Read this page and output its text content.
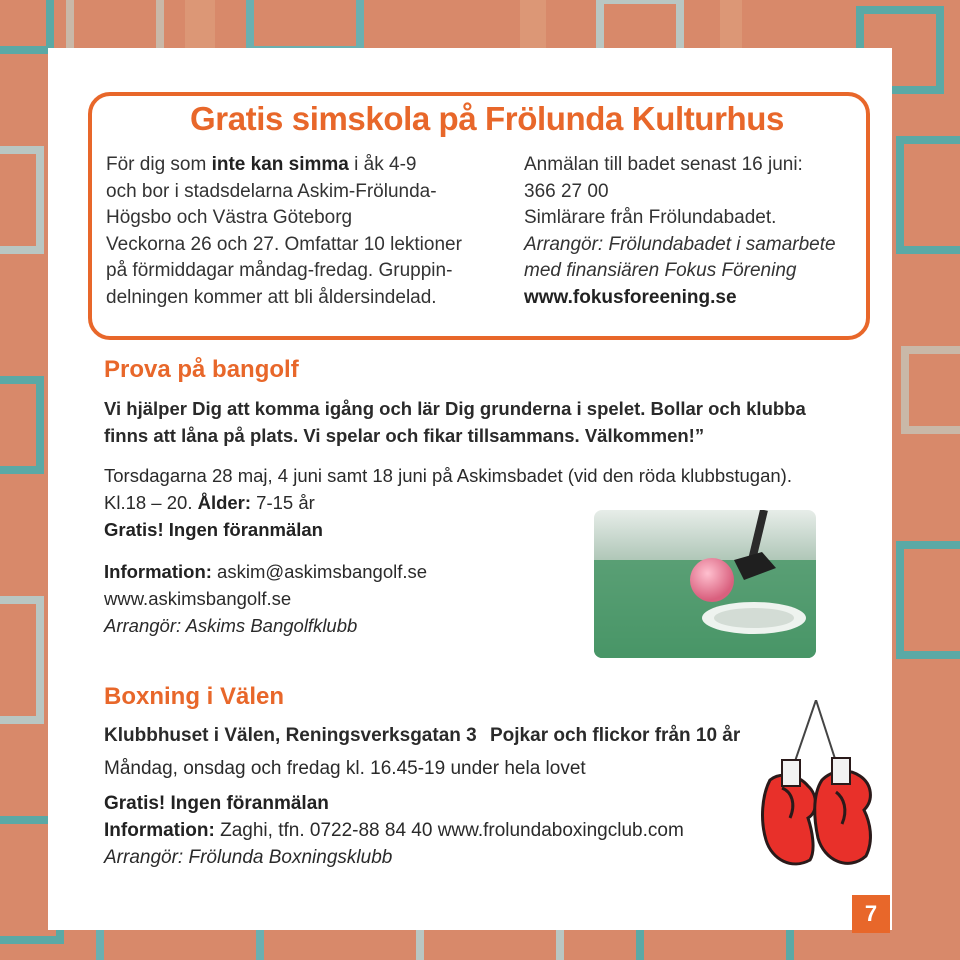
Gratis simskola på Frölunda Kulturhus
För dig som inte kan simma i åk 4-9
och bor i stadsdelarna Askim-Frölunda-
Högsbo och Västra Göteborg
Veckorna 26 och 27. Omfattar 10 lektioner
på förmiddagar måndag-fredag. Gruppin-
delningen kommer att bli åldersindelad.
Anmälan till badet senast 16 juni:
366 27 00
Simlärare från Frölundabadet.
Arrangör: Frölundabadet i samarbete
med finansiären Fokus Förening
www.fokusforeening.se
Prova på bangolf
Vi hjälper Dig att komma igång och lär Dig grunderna i spelet. Bollar och klubba
finns att låna på plats. Vi spelar och fikar tillsammans. Välkommen!”
Torsdagarna 28 maj, 4 juni samt 18 juni på Askimsbadet (vid den röda klubbstugan).
Kl.18 – 20. Ålder: 7-15 år
Gratis! Ingen föranmälan
Information: askim@askimsbangolf.se
www.askimsbangolf.se
Arrangör: Askims Bangolfklubb
Boxning i Välen
Klubbhuset i Välen, Reningsverksgatan 3 Pojkar och flickor från 10 år
Måndag, onsdag och fredag kl. 16.45-19 under hela lovet
Gratis! Ingen föranmälan
Information: Zaghi, tfn. 0722-88 84 40 www.frolundaboxingclub.com
Arrangör: Frölunda Boxningsklubb
7
